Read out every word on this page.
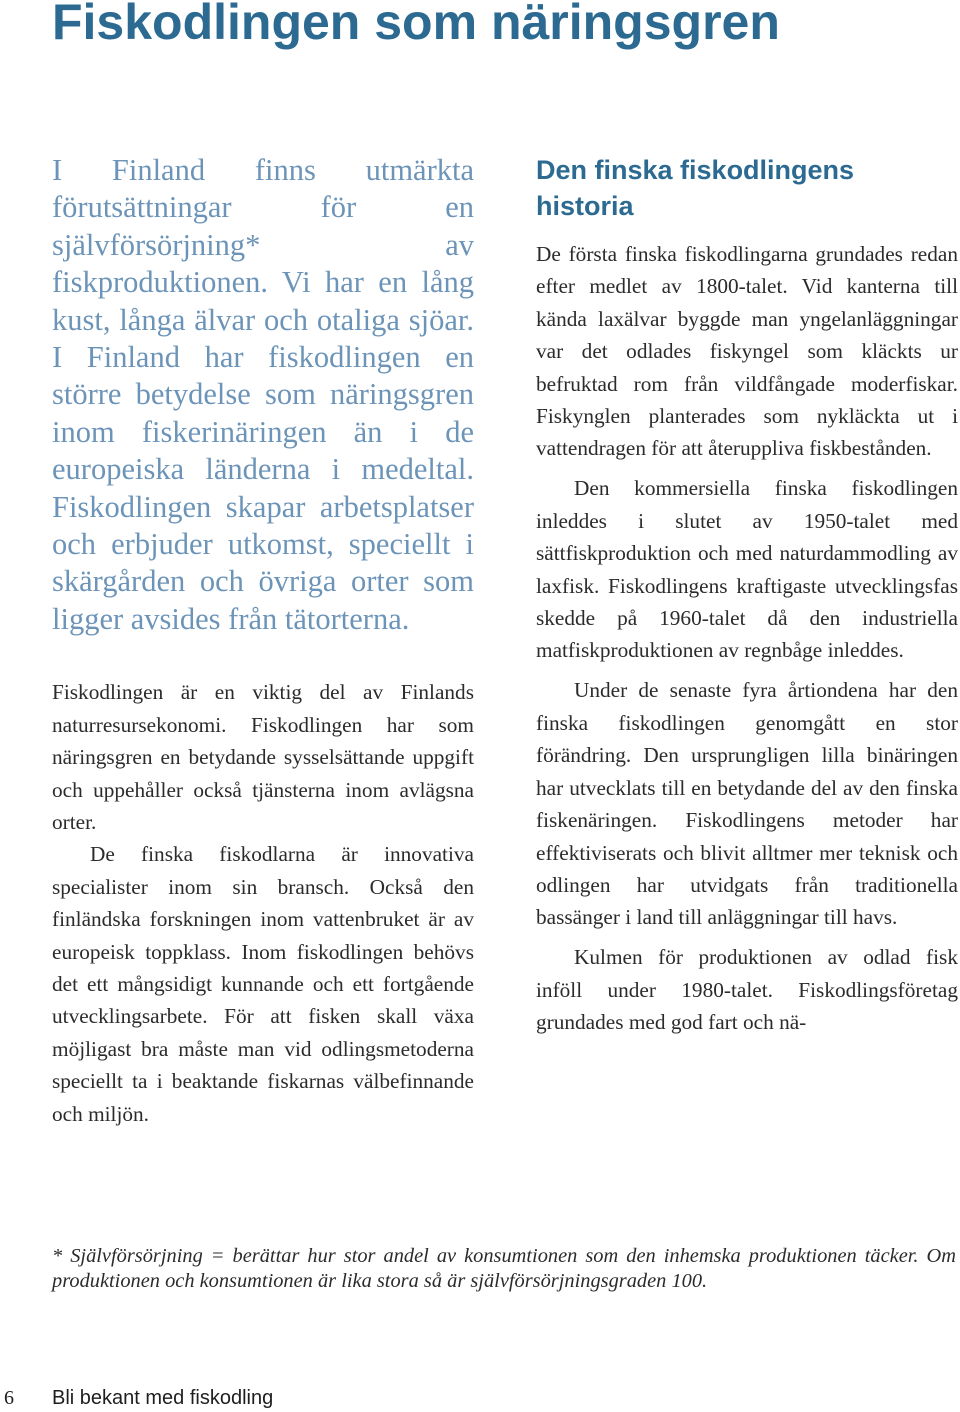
Fiskodlingen som näringsgren

I Finland finns utmärkta förutsättningar för en självförsörjning* av fiskproduktionen. Vi har en lång kust, långa älvar och otaliga sjöar. I Finland har fiskodlingen en större betydelse som näringsgren inom fiskerinäringen än i de europeiska länderna i medeltal. Fiskodlingen skapar arbetsplatser och erbjuder utkomst, speciellt i skärgården och övriga orter som ligger avsides från tätorterna.

Fiskodlingen är en viktig del av Finlands naturresursekonomi. Fiskodlingen har som näringsgren en betydande sysselsättande uppgift och uppehåller också tjänsterna inom avlägsna orter.

De finska fiskodlarna är innovativa specialister inom sin bransch. Också den finländska forskningen inom vattenbruket är av europeisk toppklass. Inom fiskodlingen behövs det ett mångsidigt kunnande och ett fortgående utvecklingsarbete. För att fisken skall växa möjligast bra måste man vid odlingsmetoderna speciellt ta i beaktande fiskarnas välbefinnande och miljön.

Den finska fiskodlingens historia

De första finska fiskodlingarna grundades redan efter medlet av 1800-talet. Vid kanterna till kända laxälvar byggde man yngelanläggningar var det odlades fiskyngel som kläckts ur befruktad rom från vildfångade moderfiskar. Fiskynglen planterades som nykläckta ut i vattendragen för att återuppliva fiskbestånden.

Den kommersiella finska fiskodlingen inleddes i slutet av 1950-talet med sättfiskproduktion och med naturdammodling av laxfisk. Fiskodlingens kraftigaste utvecklingsfas skedde på 1960-talet då den industriella matfiskproduktionen av regnbåge inleddes.

Under de senaste fyra årtiondena har den finska fiskodlingen genomgått en stor förändring. Den ursprungligen lilla binäringen har utvecklats till en betydande del av den finska fiskenäringen. Fiskodlingens metoder har effektiviserats och blivit alltmer mer teknisk och odlingen har utvidgats från traditionella bassänger i land till anläggningar till havs.

Kulmen för produktionen av odlad fisk inföll under 1980-talet. Fiskodlingsföretag grundades med god fart och nä-

* Självförsörjning = berättar hur stor andel av konsumtionen som den inhemska produktionen täcker. Om produktionen och konsumtionen är lika stora så är självförsörjningsgraden 100.

6 Bli bekant med fiskodling
